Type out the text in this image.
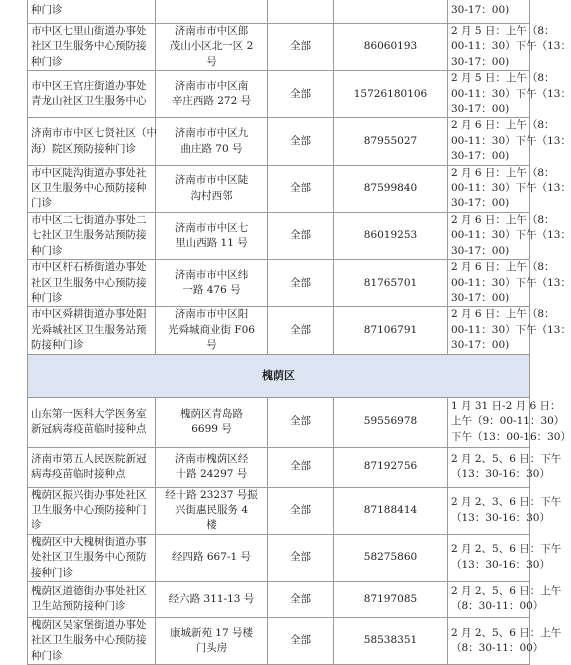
种门诊				30-17：00)

市中区七里山街道办事处
社区卫生服务中心预防接
种门诊	济南市市中区郎
茂山小区北一区 2
号	全部	86060193	2 月 5 日：上午（8：
00-11：30）下午（13：
30-17：00)

市中区王官庄街道办事处
青龙山社区卫生服务中心	济南市市中区南
辛庄西路 272 号	全部	15726180106	2 月 5 日：上午（8：
00-11：30）下午（13：
30-17：00)

济南市市中区七贤社区（中
海）院区预防接种门诊	济南市市中区九
曲庄路 70 号	全部	87955027	2 月 6 日：上午（8：
00-11：30）下午（13：
30-17：00)

市中区陡沟街道办事处社
区卫生服务中心预防接种
门诊	济南市市中区陡
沟村西邻	全部	87599840	2 月 6 日：上午（8：
00-11：30）下午（13：
30-17：00)

市中区二七街道办事处二
七社区卫生服务站预防接
种门诊	济南市市中区七
里山西路 11 号	全部	86019253	2 月 6 日：上午（8：
00-11：30）下午（13：
30-17：00)

市中区杆石桥街道办事处
社区卫生服务中心预防接
种门诊	济南市市中区纬
一路 476 号	全部	81765701	2 月 6 日：上午（8：
00-11：30）下午（13：
30-17：00)

市中区舜耕街道办事处阳
光舜城社区卫生服务站预
防接种门诊	济南市市中区阳
光舜城商业街 F06
号	全部	87106791	2 月 6 日：上午（8：
00-11：30）下午（13：
30-17：00)

槐荫区				

山东第一医科大学医务室
新冠病毒疫苗临时接种点	槐荫区青岛路
6699 号	全部	59556978	1 月 31 日-2 月 6 日：
上午（9：00-11：30）
下午（13：00-16：30）

济南市第五人民医院新冠
病毒疫苗临时接种点	济南市槐荫区经
十路 24297 号	全部	87192756	2 月 2、5、6 日：下午
（13：30-16：30）

槐荫区振兴街办事处社区
卫生服务中心预防接种门
诊	经十路 23237 号振
兴街惠民服务 4
楼	全部	87188414	2 月 2、3、6 日：下午
（13：30-16：30）

槐荫区中大槐树街道办事
处社区卫生服务中心预防
接种门诊	经四路 667-1 号	全部	58275860	2 月 2、5、6 日：下午
（13：30-16：30）

槐荫区道德街办事处社区
卫生站预防接种门诊	经六路 311-13 号	全部	87197085	2 月 2、5、6 日：上午
（8：30-11：00）

槐荫区吴家堡街道办事处
社区卫生服务中心预防接
种门诊	康城新苑 17 号楼
门头房	全部	58538351	2 月 2、5、6 日：上午
（8：30-11：00）
